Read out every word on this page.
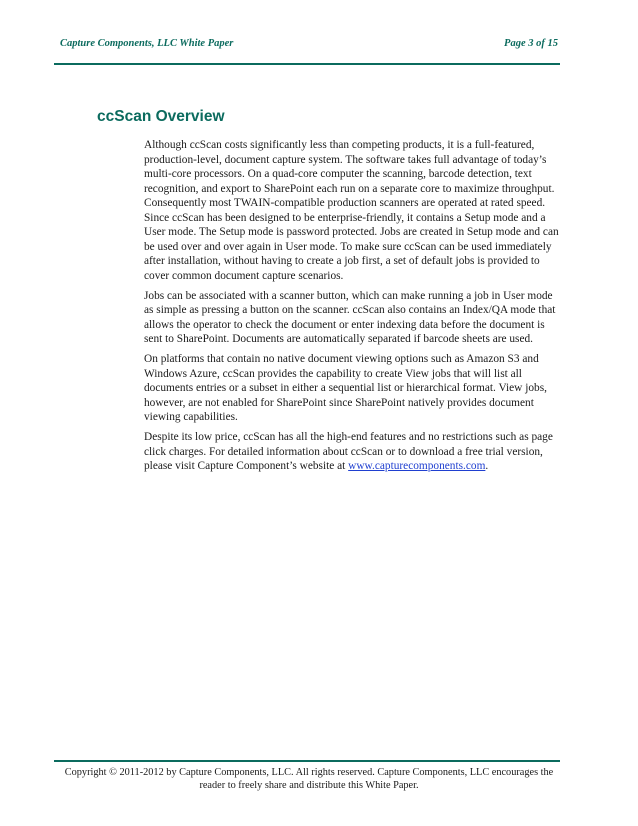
Capture Components, LLC White Paper	Page 3 of 15
ccScan Overview

Although ccScan costs significantly less than competing products, it is a full-featured, production-level, document capture system. The software takes full advantage of today’s multi-core processors. On a quad-core computer the scanning, barcode detection, text recognition, and export to SharePoint each run on a separate core to maximize throughput. Consequently most TWAIN-compatible production scanners are operated at rated speed. Since ccScan has been designed to be enterprise-friendly, it contains a Setup mode and a User mode. The Setup mode is password protected. Jobs are created in Setup mode and can be used over and over again in User mode. To make sure ccScan can be used immediately after installation, without having to create a job first, a set of default jobs is provided to cover common document capture scenarios.

Jobs can be associated with a scanner button, which can make running a job in User mode as simple as pressing a button on the scanner. ccScan also contains an Index/QA mode that allows the operator to check the document or enter indexing data before the document is sent to SharePoint. Documents are automatically separated if barcode sheets are used.

On platforms that contain no native document viewing options such as Amazon S3 and Windows Azure, ccScan provides the capability to create View jobs that will list all documents entries or a subset in either a sequential list or hierarchical format. View jobs, however, are not enabled for SharePoint since SharePoint natively provides document viewing capabilities.

Despite its low price, ccScan has all the high-end features and no restrictions such as page click charges. For detailed information about ccScan or to download a free trial version, please visit Capture Component’s website at www.capturecomponents.com.

Copyright © 2011-2012 by Capture Components, LLC. All rights reserved. Capture Components, LLC encourages the
reader to freely share and distribute this White Paper.
